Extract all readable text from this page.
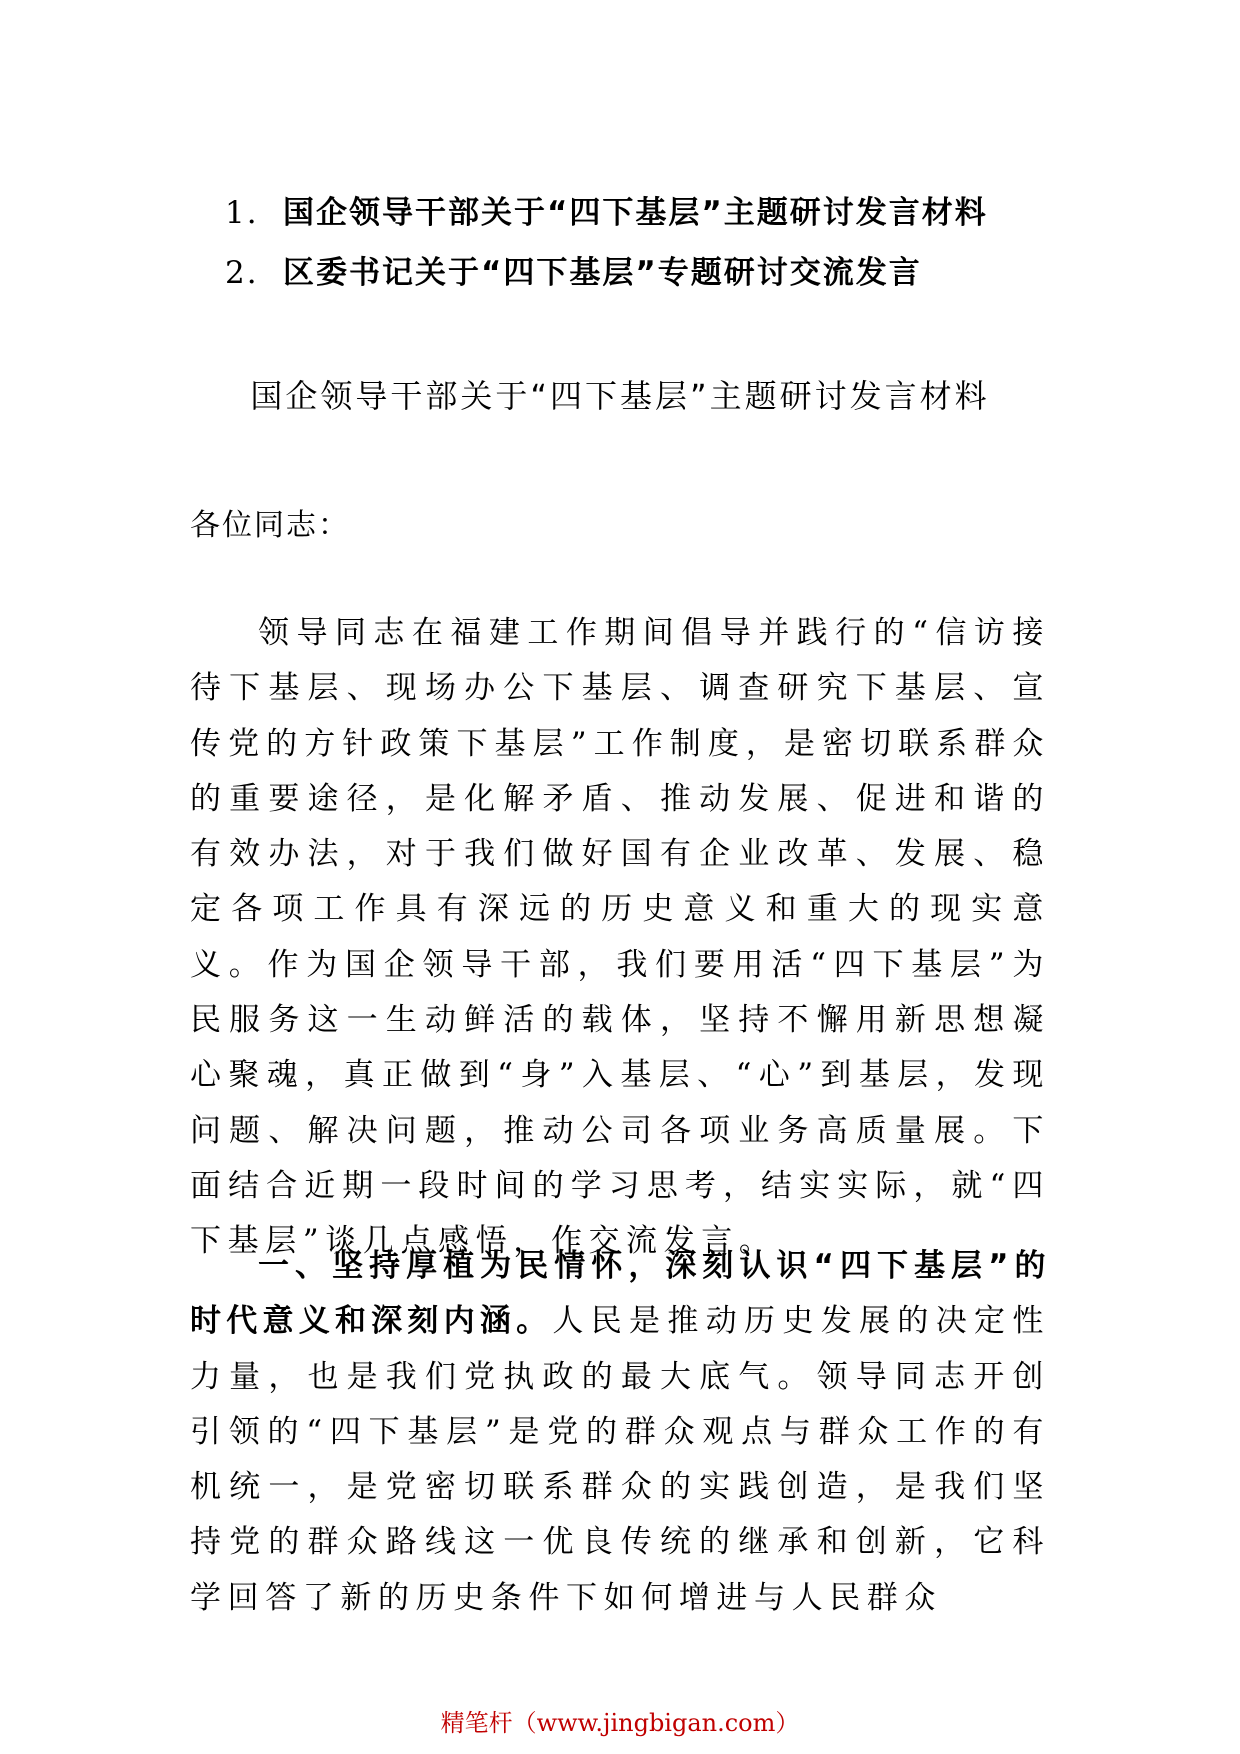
1. 国企领导干部关于“四下基层”主题研讨发言材料
2. 区委书记关于“四下基层”专题研讨交流发言
国企领导干部关于“四下基层”主题研讨发言材料

各位同志：

领导同志在福建工作期间倡导并践行的“信访接待下基层、现场办公下基层、调查研究下基层、宣传党的方针政策下基层”工作制度，是密切联系群众的重要途径，是化解矛盾、推动发展、促进和谐的有效办法，对于我们做好国有企业改革、发展、稳定各项工作具有深远的历史意义和重大的现实意义。作为国企领导干部，我们要用活“四下基层”为民服务这一生动鲜活的载体，坚持不懈用新思想凝心聚魂，真正做到“身”入基层、“心”到基层，发现问题、解决问题，推动公司各项业务高质量展。下面结合近期一段时间的学习思考，结实实际，就“四下基层”谈几点感悟，作交流发言。

一、坚持厚植为民情怀，深刻认识“四下基层”的时代意义和深刻内涵。人民是推动历史发展的决定性力量，也是我们党执政的最大底气。领导同志开创引领的“四下基层”是党的群众观点与群众工作的有机统一，是党密切联系群众的实践创造，是我们坚持党的群众路线这一优良传统的继承和创新，它科学回答了新的历史条件下如何增进与人民群众

精笔杆（www.jingbigan.com）
